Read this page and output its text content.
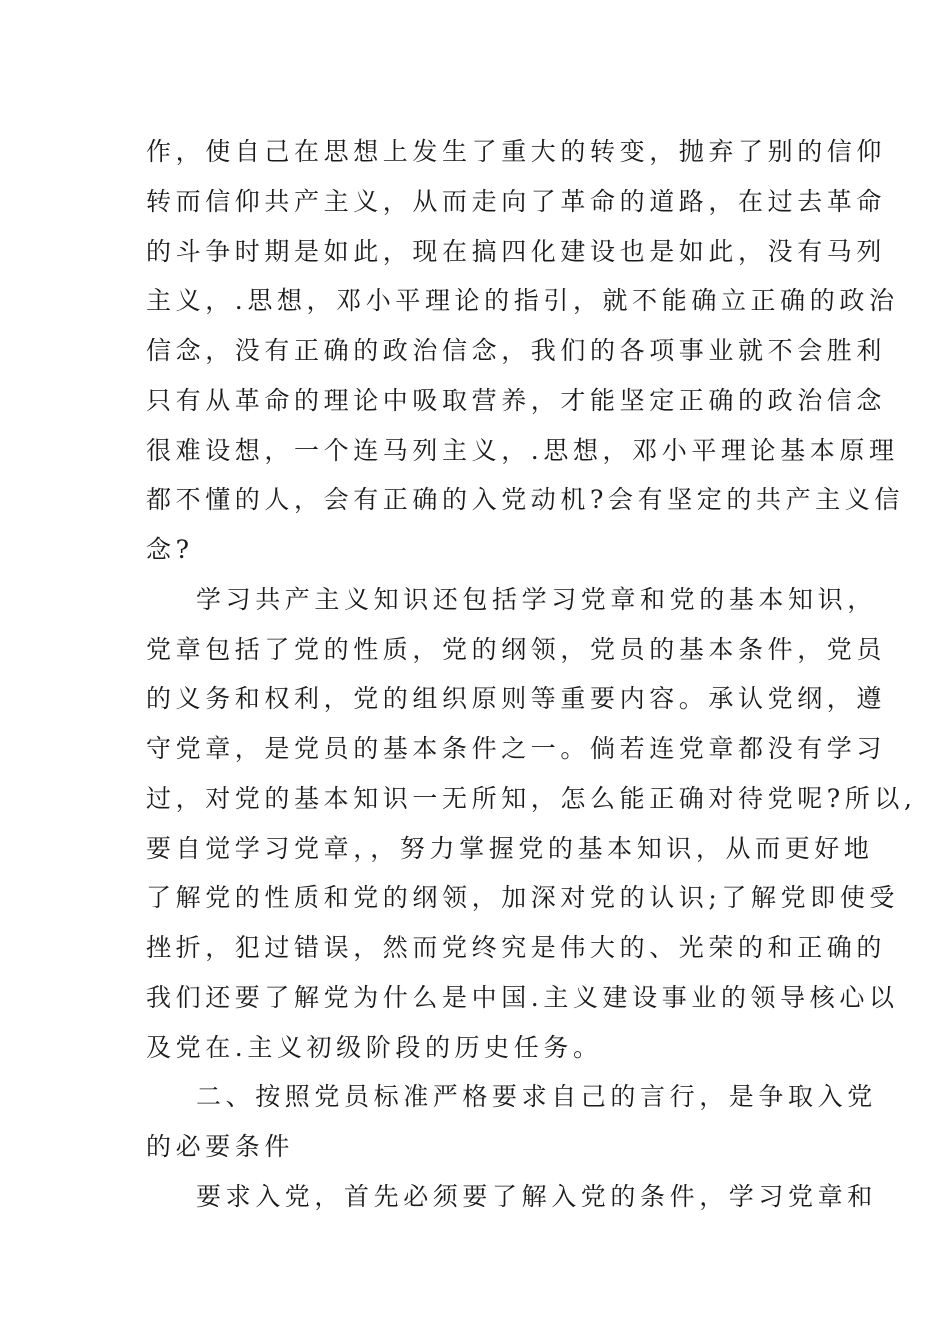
作，使自己在思想上发生了重大的转变，抛弃了别的信仰
转而信仰共产主义，从而走向了革命的道路，在过去革命
的斗争时期是如此，现在搞四化建设也是如此，没有马列
主义，.思想，邓小平理论的指引，就不能确立正确的政治
信念，没有正确的政治信念，我们的各项事业就不会胜利
只有从革命的理论中吸取营养，才能坚定正确的政治信念
很难设想，一个连马列主义，.思想，邓小平理论基本原理
都不懂的人，会有正确的入党动机?会有坚定的共产主义信
念?
学习共产主义知识还包括学习党章和党的基本知识，
党章包括了党的性质，党的纲领，党员的基本条件，党员
的义务和权利，党的组织原则等重要内容。承认党纲，遵
守党章，是党员的基本条件之一。倘若连党章都没有学习
过，对党的基本知识一无所知，怎么能正确对待党呢?所以,
要自觉学习党章，，努力掌握党的基本知识，从而更好地
了解党的性质和党的纲领，加深对党的认识;了解党即使受
挫折，犯过错误，然而党终究是伟大的、光荣的和正确的
我们还要了解党为什么是中国.主义建设事业的领导核心以
及党在.主义初级阶段的历史任务。
二、按照党员标准严格要求自己的言行，是争取入党
的必要条件
要求入党，首先必须要了解入党的条件，学习党章和
